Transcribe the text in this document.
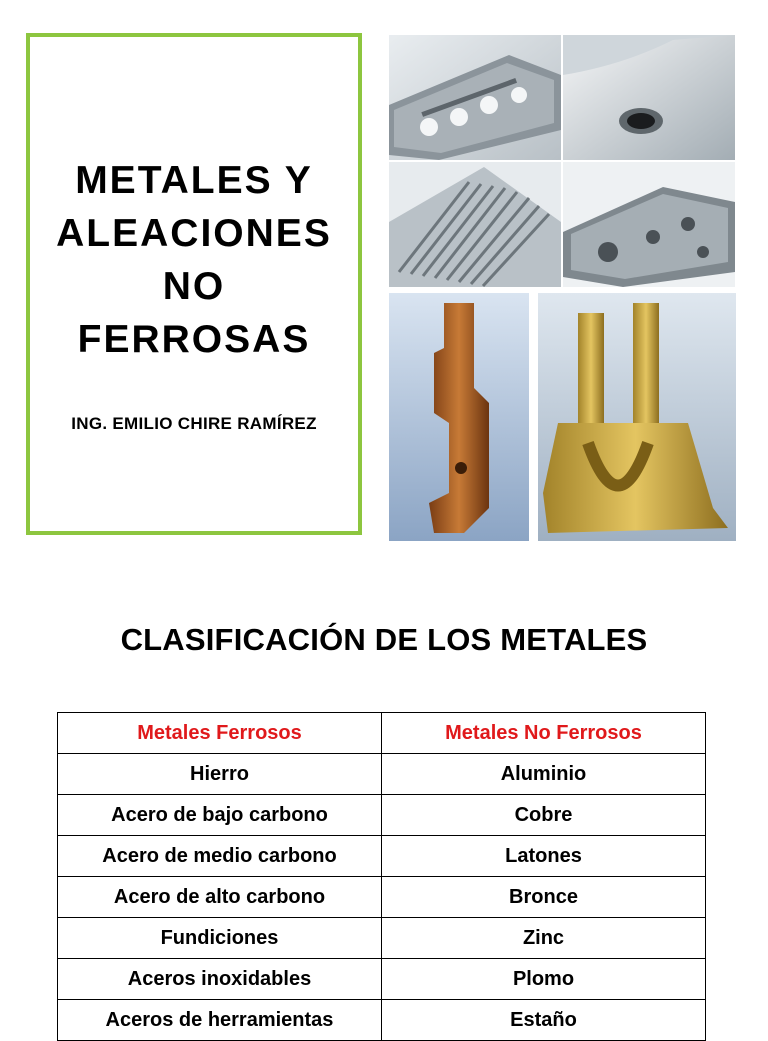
METALES Y
ALEACIONES
NO
FERROSAS
ING. EMILIO CHIRE RAMÍREZ
CLASIFICACIÓN DE LOS METALES
Metales Ferrosos	Metales No Ferrosos
Hierro	Aluminio
Acero de bajo carbono	Cobre
Acero de medio carbono	Latones
Acero de alto carbono	Bronce
Fundiciones	Zinc
Aceros inoxidables	Plomo
Aceros de herramientas	Estaño
